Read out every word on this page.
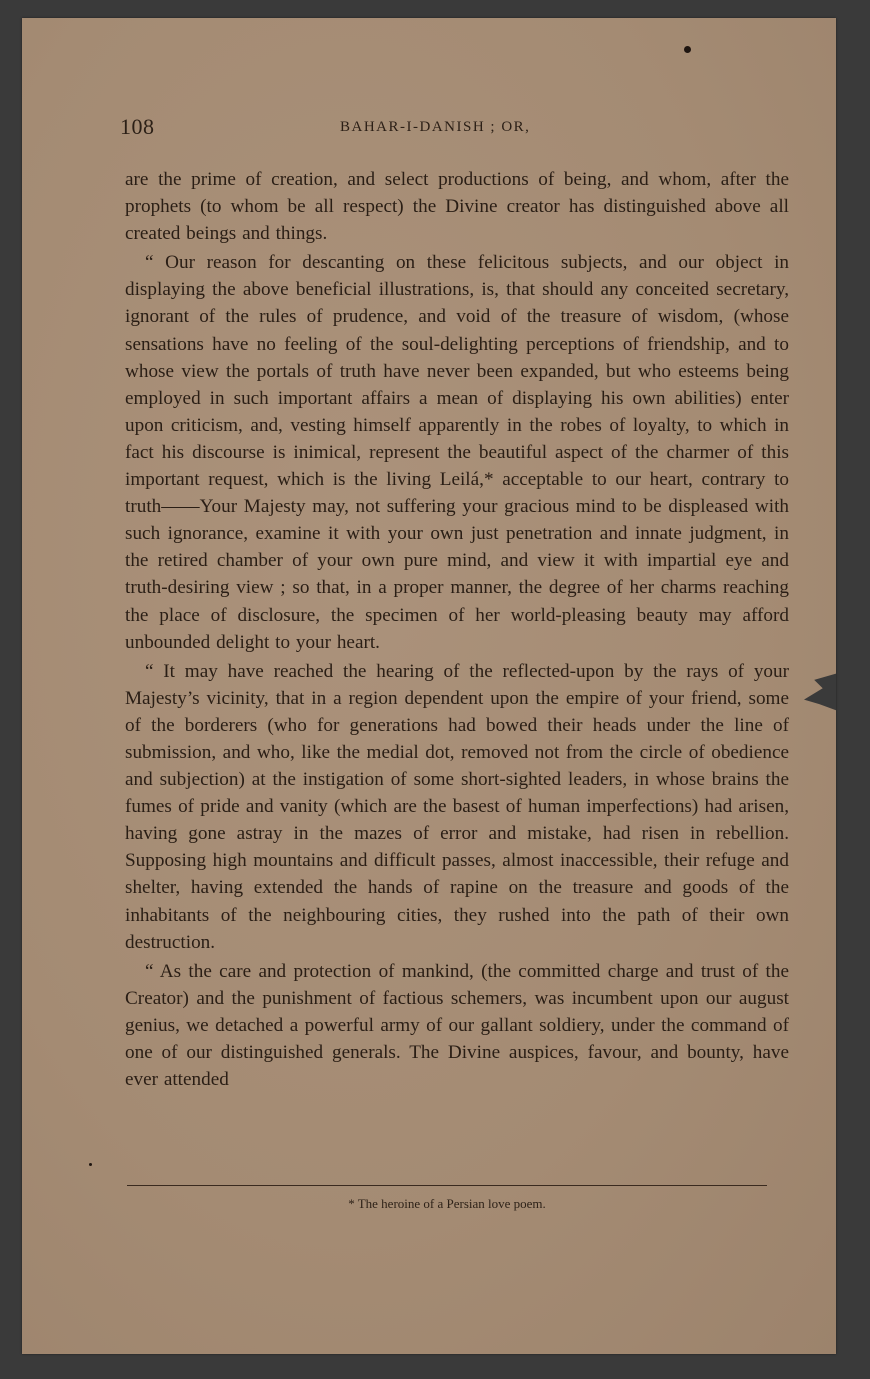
108	BAHAR-I-DANISH ; OR,

are the prime of creation, and select productions of being, and whom, after the prophets (to whom be all respect) the Divine creator has distinguished above all created beings and things.

“ Our reason for descanting on these felicitous subjects, and our object in displaying the above beneficial illustrations, is, that should any conceited secretary, ignorant of the rules of prudence, and void of the treasure of wisdom, (whose sensations have no feeling of the soul-delighting perceptions of friendship, and to whose view the portals of truth have never been expanded, but who esteems being employed in such important affairs a mean of displaying his own abilities) enter upon criticism, and, vesting himself apparently in the robes of loyalty, to which in fact his discourse is inimical, represent the beautiful aspect of the charmer of this important request, which is the living Leilá,* acceptable to our heart, contrary to truth——Your Majesty may, not suffering your gracious mind to be displeased with such ignorance, examine it with your own just penetration and innate judgment, in the retired chamber of your own pure mind, and view it with impartial eye and truth-desiring view ; so that, in a proper manner, the degree of her charms reaching the place of disclosure, the specimen of her world-pleasing beauty may afford unbounded delight to your heart.

“ It may have reached the hearing of the reflected-upon by the rays of your Majesty’s vicinity, that in a region dependent upon the empire of your friend, some of the borderers (who for generations had bowed their heads under the line of submission, and who, like the medial dot, removed not from the circle of obedience and subjection) at the instigation of some short-sighted leaders, in whose brains the fumes of pride and vanity (which are the basest of human imperfections) had arisen, having gone astray in the mazes of error and mistake, had risen in rebellion. Supposing high mountains and difficult passes, almost inaccessible, their refuge and shelter, having extended the hands of rapine on the treasure and goods of the inhabitants of the neighbouring cities, they rushed into the path of their own destruction.

“ As the care and protection of mankind, (the committed charge and trust of the Creator) and the punishment of factious schemers, was incumbent upon our august genius, we detached a powerful army of our gallant soldiery, under the command of one of our distinguished generals. The Divine auspices, favour, and bounty, have ever attended

* The heroine of a Persian love poem.
